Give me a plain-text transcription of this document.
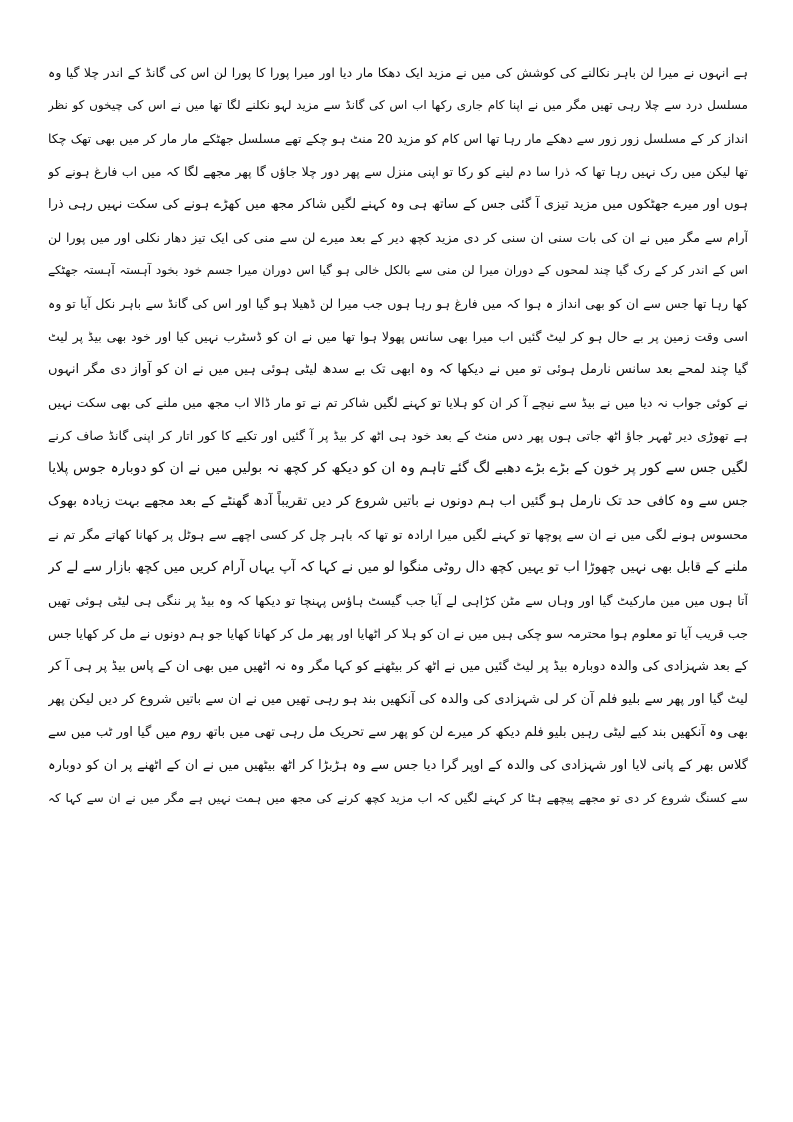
ہے انہوں نے میرا لن باہر نکالنے کی کوشش کی میں نے مزید ایک دھکا مار دیا اور میرا پورا کا پورا لن اس کی گانڈ کے اندر چلا گیا وہ
مسلسل درد سے چلا رہی تھیں مگر میں نے اپنا کام جاری رکھا اب اس کی گانڈ سے مزید لہو نکلنے لگا تھا میں نے اس کی چیخوں کو نظر
انداز کر کے مسلسل زور زور سے دھکے مار رہا تھا اس کام کو مزید 20 منٹ ہو چکے تھے مسلسل جھٹکے مار مار کر میں بھی تھک چکا
تھا لیکن میں رک نہیں رہا تھا کہ ذرا سا دم لینے کو رکا تو اپنی منزل سے پھر دور چلا جاؤں گا پھر مجھے لگا کہ میں اب فارغ ہونے کو
ہوں اور میرے جھٹکوں میں مزید تیزی آ گئی جس کے ساتھ ہی وہ کہنے لگیں شاکر مجھ میں کھڑے ہونے کی سکت نہیں رہی ذرا
آرام سے مگر میں نے ان کی بات سنی ان سنی کر دی مزید کچھ دیر کے بعد میرے لن سے منی کی ایک تیز دھار نکلی اور میں پورا لن
اس کے اندر کر کے رک گیا چند لمحوں کے دوران میرا لن منی سے بالکل خالی ہو گیا اس دوران میرا جسم خود بخود آہستہ آہستہ جھٹکے
کھا رہا تھا جس سے ان کو بھی انداز ہ ہوا کہ میں فارغ ہو رہا ہوں جب میرا لن ڈھیلا ہو گیا اور اس کی گانڈ سے باہر نکل آیا تو وہ
اسی وقت زمین پر بے حال ہو کر لیٹ گئیں اب میرا بھی سانس پھولا ہوا تھا میں نے ان کو ڈسٹرب نہیں کیا اور خود بھی بیڈ پر لیٹ
گیا چند لمحے بعد سانس نارمل ہوئی تو میں نے دیکھا کہ وہ ابھی تک بے سدھ لیٹی ہوئی ہیں میں نے ان کو آواز دی مگر انہوں
نے کوئی جواب نہ دیا میں نے بیڈ سے نیچے آ کر ان کو ہلایا تو کہنے لگیں شاکر تم نے تو مار ڈالا اب مجھ میں ملنے کی بھی سکت نہیں
ہے تھوڑی دیر ٹھہر جاؤ اٹھ جاتی ہوں پھر دس منٹ کے بعد خود ہی اٹھ کر بیڈ پر آ گئیں اور تکیے کا کور اتار کر اپنی گانڈ صاف کرنے
لگیں جس سے کور پر خون کے بڑے بڑے دھبے لگ گئے تاہم وہ ان کو دیکھ کر کچھ نہ بولیں میں نے ان کو دوبارہ جوس پلایا
جس سے وہ کافی حد تک نارمل ہو گئیں اب ہم دونوں نے باتیں شروع کر دیں تقریباً آدھ گھنٹے کے بعد مجھے بہت زیادہ بھوک
محسوس ہونے لگی میں نے ان سے پوچھا تو کہنے لگیں میرا ارادہ تو تھا کہ باہر چل کر کسی اچھے سے ہوٹل پر کھانا کھاتے مگر تم نے
ملنے کے قابل بھی نہیں چھوڑا اب تو یہیں کچھ دال روٹی منگوا لو میں نے کہا کہ آپ یہاں آرام کریں میں کچھ بازار سے لے کر
آتا ہوں میں مین مارکیٹ گیا اور وہاں سے مٹن کڑاہی لے آیا جب گیسٹ ہاؤس پہنچا تو دیکھا کہ وہ بیڈ پر ننگی ہی لیٹی ہوئی تھیں
جب قریب آیا تو معلوم ہوا محترمہ سو چکی ہیں میں نے ان کو ہلا کر اٹھایا اور پھر مل کر کھانا کھایا جو ہم دونوں نے مل کر کھایا جس
کے بعد شہزادی کی والدہ دوبارہ بیڈ پر لیٹ گئیں میں نے اٹھ کر بیٹھنے کو کہا مگر وہ نہ اٹھیں میں بھی ان کے پاس بیڈ پر ہی آ کر
لیٹ گیا اور پھر سے بلیو فلم آن کر لی شہزادی کی والدہ کی آنکھیں بند ہو رہی تھیں میں نے ان سے باتیں شروع کر دیں لیکن پھر
بھی وہ آنکھیں بند کیے لیٹی رہیں بلیو فلم دیکھ کر میرے لن کو پھر سے تحریک مل رہی تھی میں باتھ روم میں گیا اور ٹب میں سے
گلاس بھر کے پانی لایا اور شہزادی کی والدہ کے اوپر گرا دیا جس سے وہ ہڑبڑا کر اٹھ بیٹھیں میں نے ان کے اٹھنے پر ان کو دوبارہ
سے کسنگ شروع کر دی تو مجھے پیچھے ہٹا کر کہنے لگیں کہ اب مزید کچھ کرنے کی مجھ میں ہمت نہیں ہے مگر میں نے ان سے کہا کہ
